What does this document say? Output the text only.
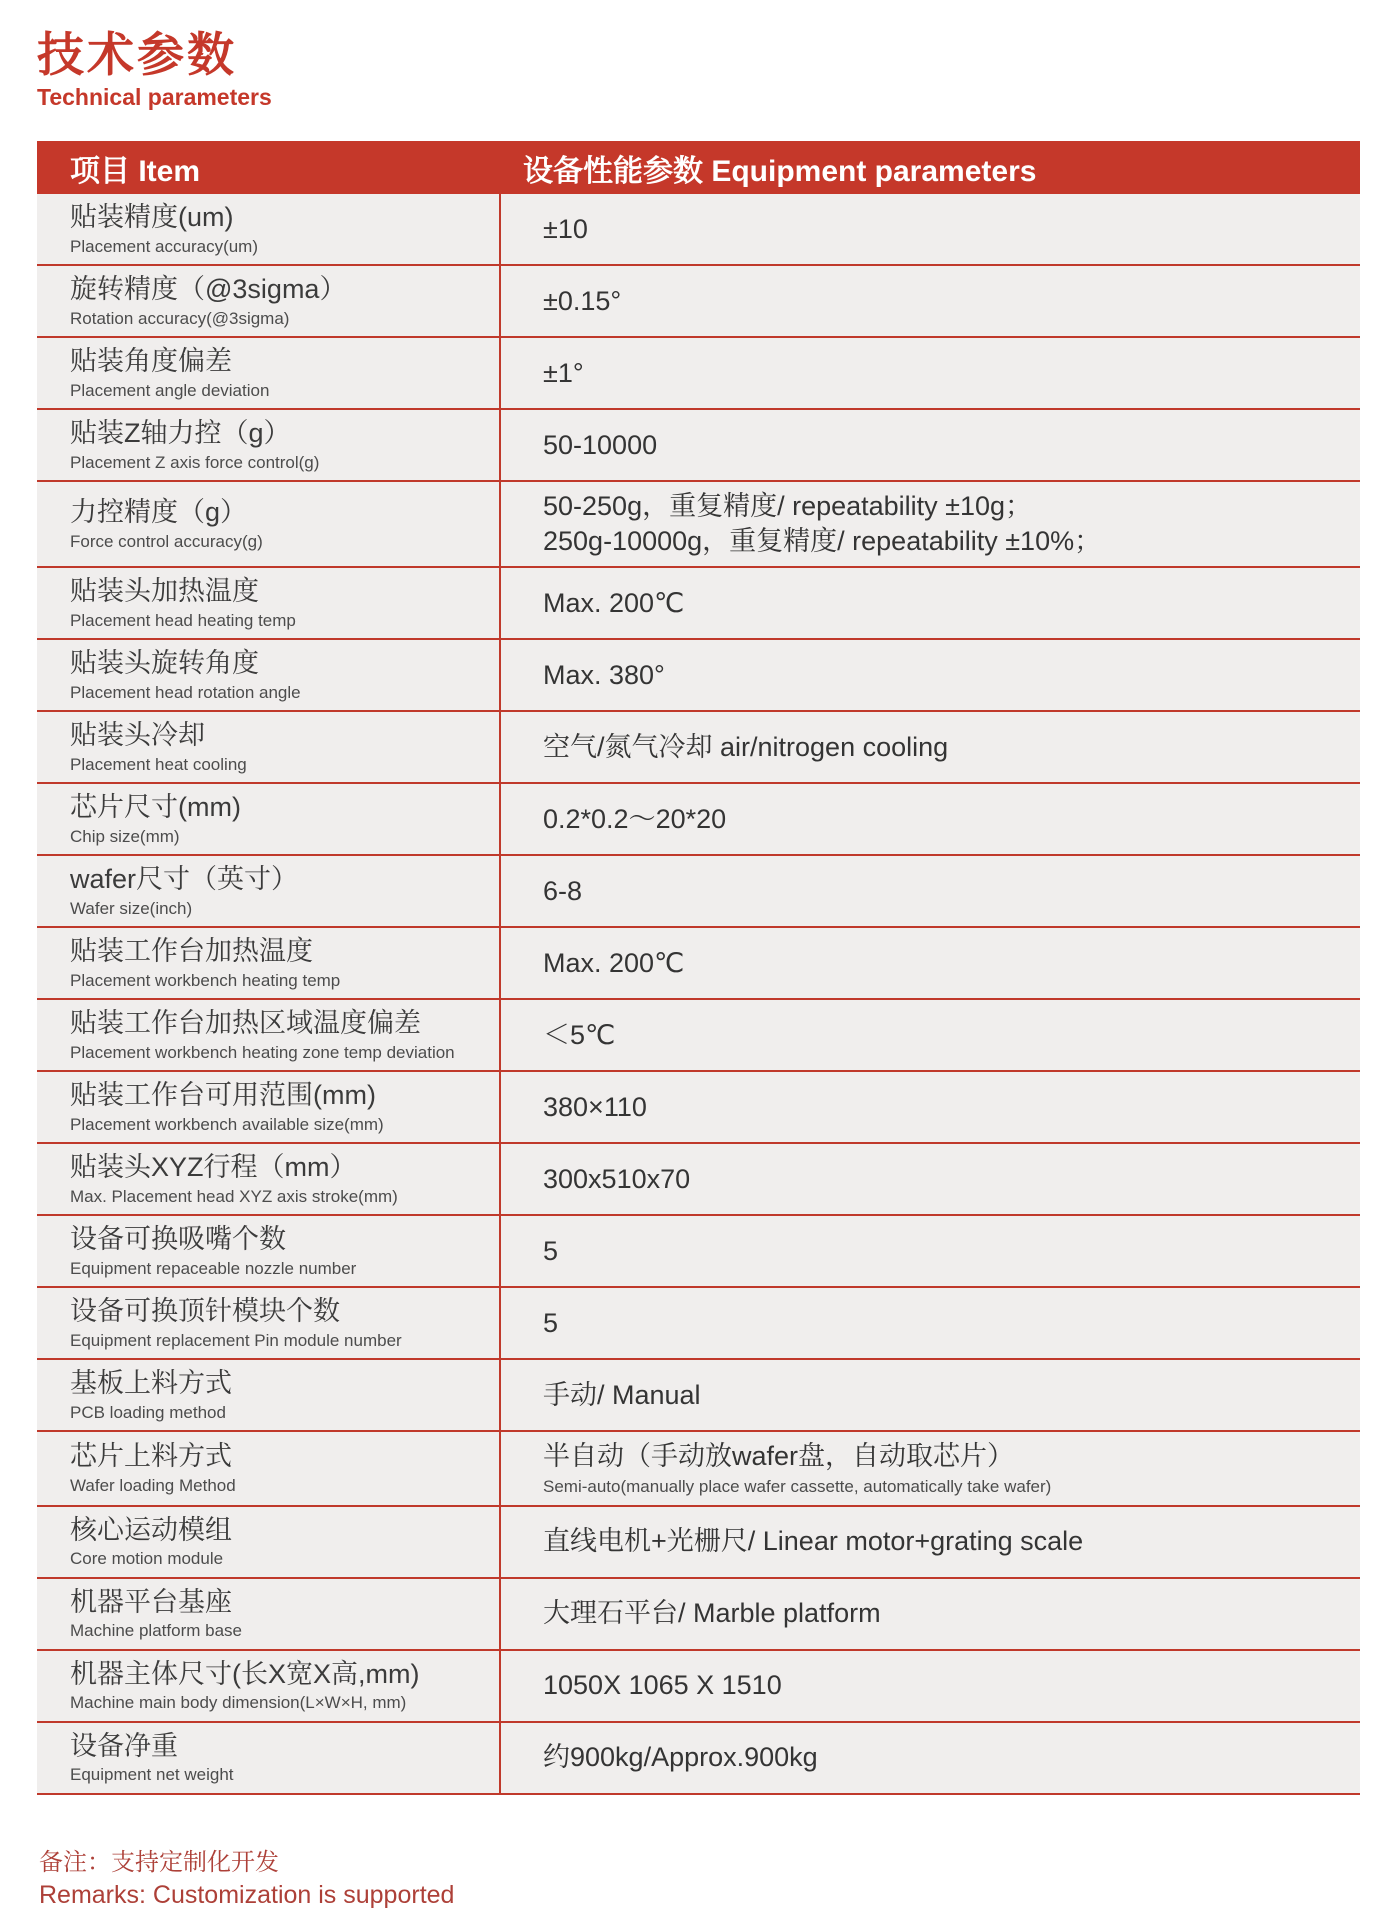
技术参数
Technical parameters
项目 Item	设备性能参数 Equipment parameters
贴装精度(um)
Placement accuracy(um)
±10
旋转精度（@3sigma）
Rotation accuracy(@3sigma)
±0.15°
贴装角度偏差
Placement angle deviation
±1°
贴装Z轴力控（g）
Placement Z axis force control(g)
50-10000
力控精度（g）
Force control accuracy(g)
50-250g，重复精度/ repeatability ±10g；
250g-10000g，重复精度/ repeatability ±10%；
贴装头加热温度
Placement head heating temp
Max. 200℃
贴装头旋转角度
Placement head rotation angle
Max. 380°
贴装头冷却
Placement heat cooling
空气/氮气冷却 air/nitrogen cooling
芯片尺寸(mm)
Chip size(mm)
0.2*0.2～20*20
wafer尺寸（英寸）
Wafer size(inch)
6-8
贴装工作台加热温度
Placement workbench heating temp
Max. 200℃
贴装工作台加热区域温度偏差
Placement workbench heating zone temp deviation
＜5℃
贴装工作台可用范围(mm)
Placement workbench available size(mm)
380×110
贴装头XYZ行程（mm）
Max. Placement head XYZ axis stroke(mm)
300x510x70
设备可换吸嘴个数
Equipment repaceable nozzle number
5
设备可换顶针模块个数
Equipment replacement Pin module number
5
基板上料方式
PCB loading method
手动/ Manual
芯片上料方式
Wafer loading Method
半自动（手动放wafer盘，自动取芯片）
Semi-auto(manually place wafer cassette, automatically take wafer)
核心运动模组
Core motion module
直线电机+光栅尺/ Linear motor+grating scale
机器平台基座
Machine platform base
大理石平台/ Marble platform
机器主体尺寸(长X宽X高,mm)
Machine main body dimension(L×W×H, mm)
1050X 1065 X 1510
设备净重
Equipment net weight
约900kg/Approx.900kg
备注：支持定制化开发
Remarks: Customization is supported
